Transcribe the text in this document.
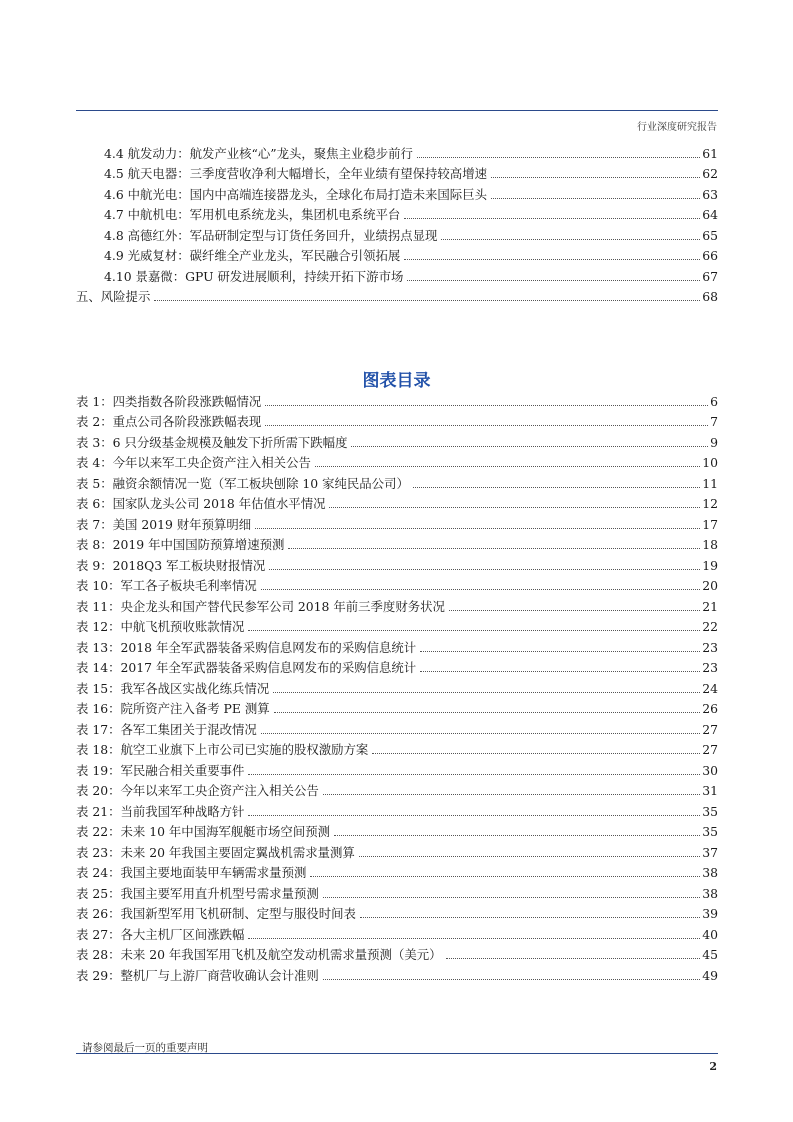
行业深度研究报告
4.4 航发动力：航发产业核“心”龙头，聚焦主业稳步前行	61
4.5 航天电器：三季度营收净利大幅增长，全年业绩有望保持较高增速	62
4.6 中航光电：国内中高端连接器龙头，全球化布局打造未来国际巨头	63
4.7 中航机电：军用机电系统龙头，集团机电系统平台	64
4.8 高德红外：军品研制定型与订货任务回升，业绩拐点显现	65
4.9 光威复材：碳纤维全产业龙头，军民融合引领拓展	66
4.10 景嘉微：GPU 研发进展顺利，持续开拓下游市场	67
五、风险提示	68
图表目录
表 1：四类指数各阶段涨跌幅情况	6
表 2：重点公司各阶段涨跌幅表现	7
表 3：6 只分级基金规模及触发下折所需下跌幅度	9
表 4：今年以来军工央企资产注入相关公告	10
表 5：融资余额情况一览（军工板块刨除 10 家纯民品公司）	11
表 6：国家队龙头公司 2018 年估值水平情况	12
表 7：美国 2019 财年预算明细	17
表 8：2019 年中国国防预算增速预测	18
表 9：2018Q3 军工板块财报情况	19
表 10：军工各子板块毛利率情况	20
表 11：央企龙头和国产替代民参军公司 2018 年前三季度财务状况	21
表 12：中航飞机预收账款情况	22
表 13：2018 年全军武器装备采购信息网发布的采购信息统计	23
表 14：2017 年全军武器装备采购信息网发布的采购信息统计	23
表 15：我军各战区实战化练兵情况	24
表 16：院所资产注入备考 PE 测算	26
表 17：各军工集团关于混改情况	27
表 18：航空工业旗下上市公司已实施的股权激励方案	27
表 19：军民融合相关重要事件	30
表 20：今年以来军工央企资产注入相关公告	31
表 21：当前我国军种战略方针	35
表 22：未来 10 年中国海军舰艇市场空间预测	35
表 23：未来 20 年我国主要固定翼战机需求量测算	37
表 24：我国主要地面装甲车辆需求量预测	38
表 25：我国主要军用直升机型号需求量预测	38
表 26：我国新型军用飞机研制、定型与服役时间表	39
表 27：各大主机厂区间涨跌幅	40
表 28：未来 20 年我国军用飞机及航空发动机需求量预测（美元）	45
表 29：整机厂与上游厂商营收确认会计准则	49
请参阅最后一页的重要声明
2
